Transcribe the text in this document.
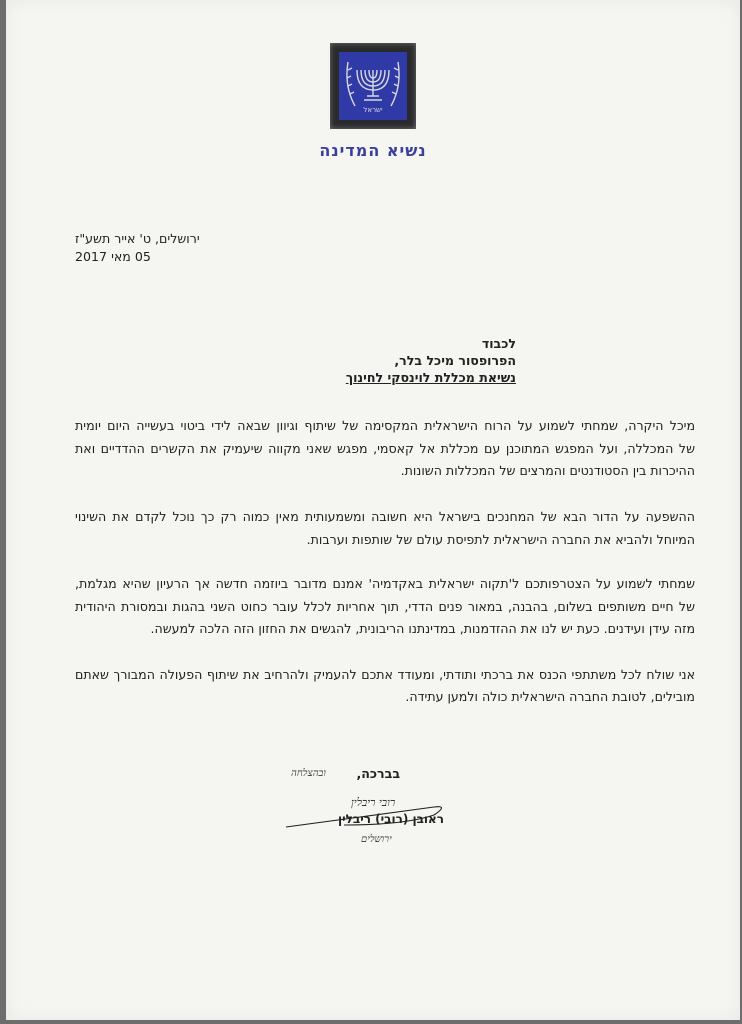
ישראל
נשיא המדינה
ירושלים, ט' אייר תשע"ז
05 מאי 2017
לכבוד
הפרופסור מיכל בלר,
נשיאת מכללת לוינסקי לחינוך
מיכל היקרה, שמחתי לשמוע על הרוח הישראלית המקסימה של שיתוף וגיוון שבאה לידי ביטוי בעשייה היום יומית
של המכללה, ועל המפגש המתוכנן עם מכללת אל קאסמי, מפגש שאני מקווה שיעמיק את הקשרים ההדדיים ואת
ההיכרות בין הסטודנטים והמרצים של המכללות השונות.
ההשפעה על הדור הבא של המחנכים בישראל היא חשובה ומשמעותית מאין כמוה רק כך נוכל לקדם את השינוי
המיוחל ולהביא את החברה הישראלית לתפיסת עולם של שותפות וערבות.
שמחתי לשמוע על הצטרפותכם ל'תקוה ישראלית באקדמיה' אמנם מדובר ביוזמה חדשה אך הרעיון שהיא מגלמת,
של חיים משותפים בשלום, בהבנה, במאור פנים הדדי, תוך אחריות לכלל עובר כחוט השני בהגות ובמסורת היהודית
מזה עידן ועידנים. כעת יש לנו את ההזדמנות, במדינתנו הריבונית, להגשים את החזון הזה הלכה למעשה.
אני שולח לכל משתתפי הכנס את ברכתי ותודתי, ומעודד אתכם להעמיק ולהרחיב את שיתוף הפעולה המבורך שאתם
מובילים, לטובת החברה הישראלית כולה ולמען עתידה.
בברכה,
ובהצלחה
רובי ריבלין
ראובן (רובי) ריבלין
ירושלים
